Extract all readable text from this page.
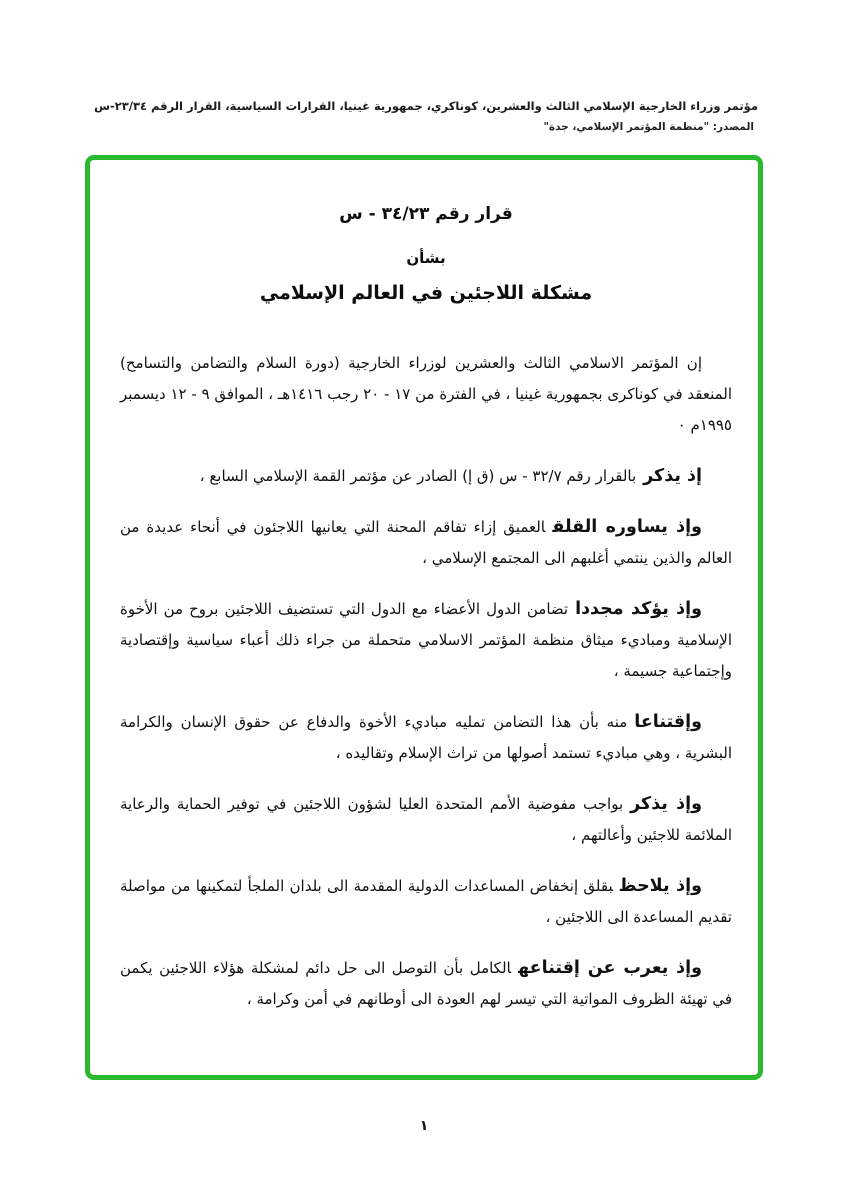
مؤتمر وزراء الخارجية الإسلامي الثالث والعشرين، كوناكري، جمهورية غينيا، القرارات السياسية، القرار الرقم ٢٣/٣٤-س
المصدر: "منظمة المؤتمر الإسلامي، جدة"
قرار رقم ٣٤/٢٣ - س
بشأن
مشكلة اللاجئين في العالم الإسلامي

إن المؤتمر الاسلامي الثالث والعشرين لوزراء الخارجية (دورة السلام والتضامن والتسامح) المنعقد في كوناكرى بجمهورية غينيا ، في الفترة من ١٧ - ٢٠ رجب ١٤١٦هـ ، الموافق ٩ - ١٢ ديسمبر ١٩٩٥م ٠

إذ يذكربالقرار رقم ٣٢/٧ - س (ق إ) الصادر عن مؤتمر القمة الإسلامي السابع ،

وإذ يساوره القلقالعميق إزاء تفاقم المحنة التي يعانيها اللاجئون في أنحاء عديدة من العالم والذين ينتمي أغلبهم الى المجتمع الإسلامي ،

وإذ يؤكد مجدداتضامن الدول الأعضاء مع الدول التي تستضيف اللاجئين بروح من الأخوة الإسلامية ومباديء ميثاق منظمة المؤتمر الاسلامي متحملة من جراء ذلك أعباء سياسية وإقتصادية وإجتماعية جسيمة ،

وإقتناعامنه بأن هذا التضامن تمليه مباديء الأخوة والدفاع عن حقوق الإنسان والكرامة البشرية ، وهي مباديء تستمد أصولها من تراث الإسلام وتقاليده ،

وإذ يذكربواجب مفوضية الأمم المتحدة العليا لشؤون اللاجئين في توفير الحماية والرعاية الملائمة للاجئين وأعالتهم ،

وإذ يلاحظبقلق إنخفاض المساعدات الدولية المقدمة الى بلدان الملجأ لتمكينها من مواصلة تقديم المساعدة الى اللاجئين ،

وإذ يعرب عن إقتناعهالكامل بأن التوصل الى حل دائم لمشكلة هؤلاء اللاجئين يكمن في تهيئة الظروف المواتية التي تيسر لهم العودة الى أوطانهم في أمن وكرامة ،

١
